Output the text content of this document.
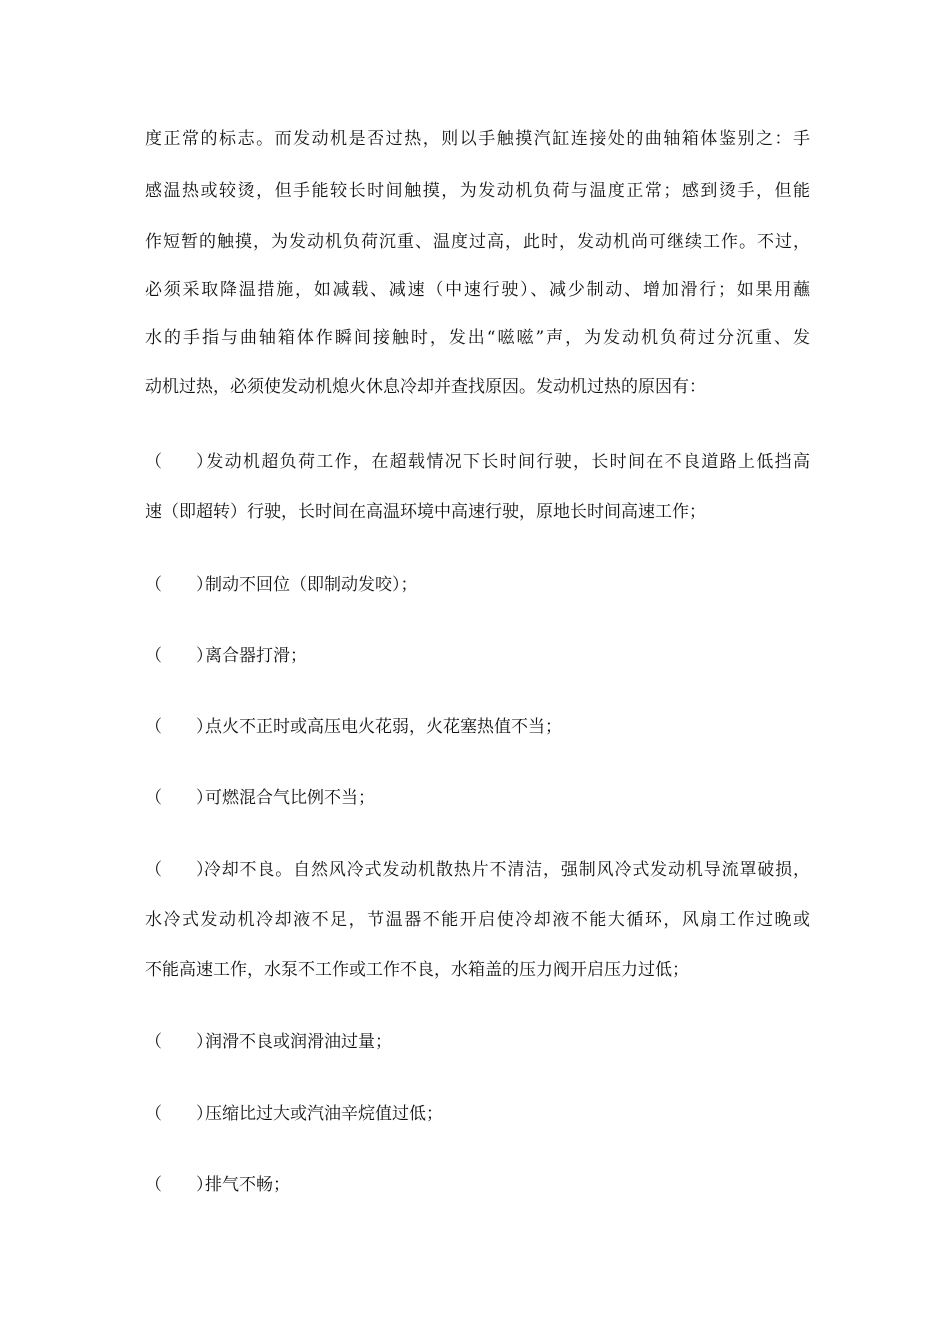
度正常的标志。而发动机是否过热，则以手触摸汽缸连接处的曲轴箱体鉴别之：手
感温热或较烫，但手能较长时间触摸，为发动机负荷与温度正常；感到烫手，但能
作短暂的触摸，为发动机负荷沉重、温度过高，此时，发动机尚可继续工作。不过，
必须采取降温措施，如减载、减速（中速行驶）、减少制动、增加滑行；如果用蘸
水的手指与曲轴箱体作瞬间接触时，发出“嗞嗞”声，为发动机负荷过分沉重、发
动机过热，必须使发动机熄火休息冷却并查找原因。发动机过热的原因有：
（　　）发动机超负荷工作，在超载情况下长时间行驶，长时间在不良道路上低挡高
速（即超转）行驶，长时间在高温环境中高速行驶，原地长时间高速工作；
（　　）制动不回位（即制动发咬）；
（　　）离合器打滑；
（　　）点火不正时或高压电火花弱，火花塞热值不当；
（　　）可燃混合气比例不当；
（　　）冷却不良。自然风冷式发动机散热片不清洁，强制风冷式发动机导流罩破损，
水冷式发动机冷却液不足，节温器不能开启使冷却液不能大循环，风扇工作过晚或
不能高速工作，水泵不工作或工作不良，水箱盖的压力阀开启压力过低；
（　　）润滑不良或润滑油过量；
（　　）压缩比过大或汽油辛烷值过低；
（　　）排气不畅；
